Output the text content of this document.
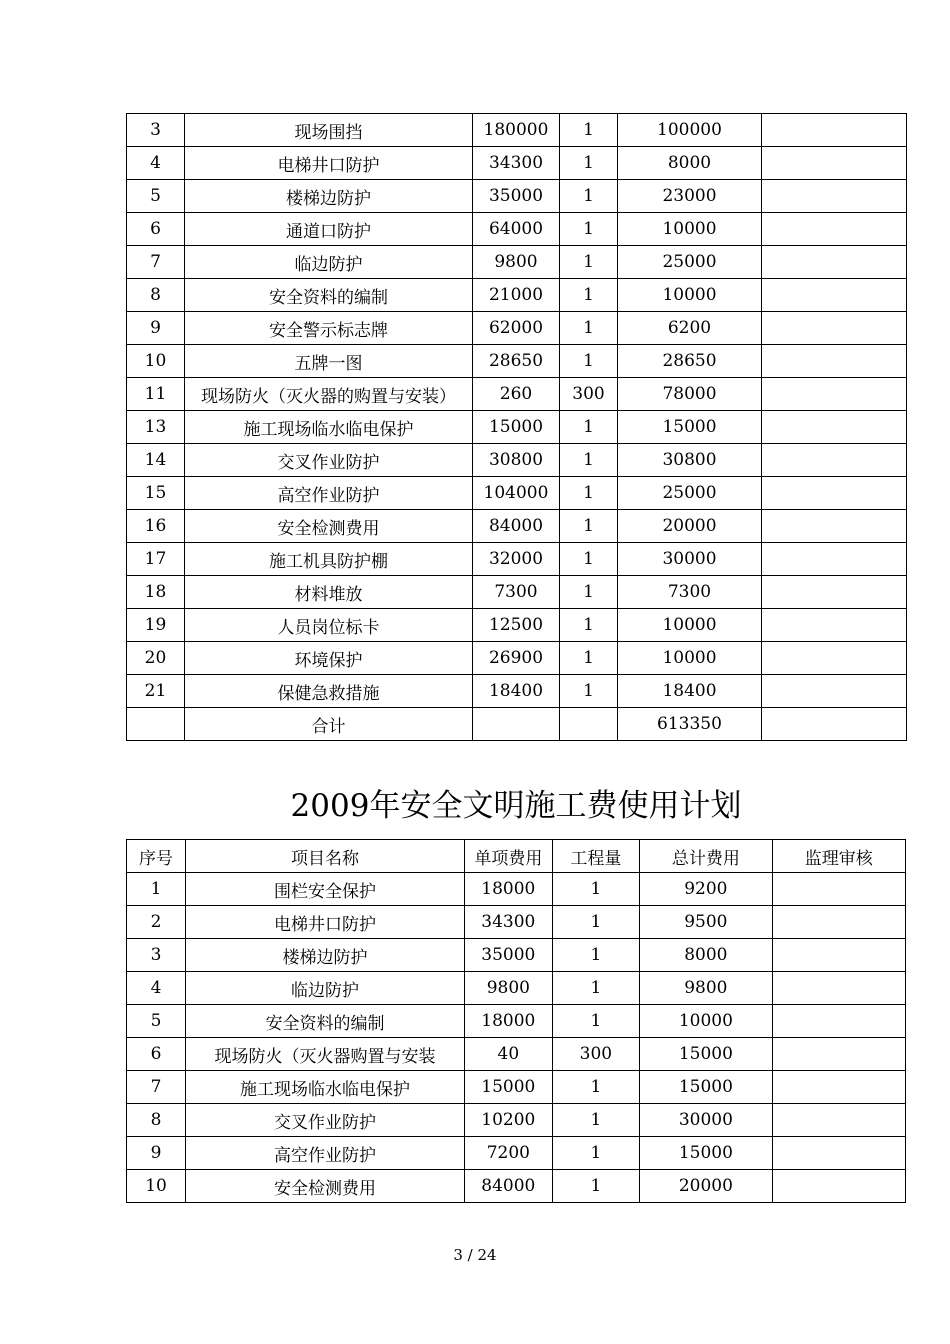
3	现场围挡	180000	1	100000	
4	电梯井口防护	34300	1	8000	
5	楼梯边防护	35000	1	23000	
6	通道口防护	64000	1	10000	
7	临边防护	9800	1	25000	
8	安全资料的编制	21000	1	10000	
9	安全警示标志牌	62000	1	6200	
10	五牌一图	28650	1	28650	
11	现场防火（灭火器的购置与安装）	260	300	78000	
13	施工现场临水临电保护	15000	1	15000	
14	交叉作业防护	30800	1	30800	
15	高空作业防护	104000	1	25000	
16	安全检测费用	84000	1	20000	
17	施工机具防护棚	32000	1	30000	
18	材料堆放	7300	1	7300	
19	人员岗位标卡	12500	1	10000	
20	环境保护	26900	1	10000	
21	保健急救措施	18400	1	18400	
	合计			613350	
2009年安全文明施工费使用计划
序号	项目名称	单项费用	工程量	总计费用	监理审核
1	围栏安全保护	18000	1	9200	
2	电梯井口防护	34300	1	9500	
3	楼梯边防护	35000	1	8000	
4	临边防护	9800	1	9800	
5	安全资料的编制	18000	1	10000	
6	现场防火（灭火器购置与安装	40	300	15000	
7	施工现场临水临电保护	15000	1	15000	
8	交叉作业防护	10200	1	30000	
9	高空作业防护	7200	1	15000	
10	安全检测费用	84000	1	20000	
3 / 24
